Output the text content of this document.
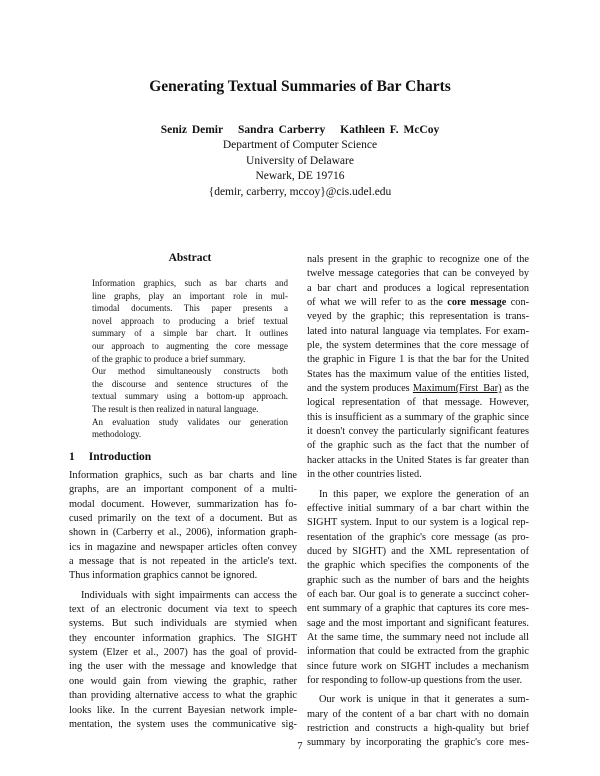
Generating Textual Summaries of Bar Charts
Seniz Demir Sandra Carberry Kathleen F. McCoy
Department of Computer Science
University of Delaware
Newark, DE 19716
{demir, carberry, mccoy}@cis.udel.edu
Abstract
Information graphics, such as bar charts and
line graphs, play an important role in mul-
timodal documents. This paper presents a
novel approach to producing a brief textual
summary of a simple bar chart. It outlines
our approach to augmenting the core message
of the graphic to produce a brief summary.
Our method simultaneously constructs both
the discourse and sentence structures of the
textual summary using a bottom-up approach.
The result is then realized in natural language.
An evaluation study validates our generation
methodology.
1 Introduction
Information graphics, such as bar charts and line
graphs, are an important component of a multi-
modal document. However, summarization has fo-
cused primarily on the text of a document. But as
shown in (Carberry et al., 2006), information graph-
ics in magazine and newspaper articles often convey
a message that is not repeated in the article's text.
Thus information graphics cannot be ignored.
Individuals with sight impairments can access the
text of an electronic document via text to speech
systems. But such individuals are stymied when
they encounter information graphics. The SIGHT
system (Elzer et al., 2007) has the goal of provid-
ing the user with the message and knowledge that
one would gain from viewing the graphic, rather
than providing alternative access to what the graphic
looks like. In the current Bayesian network imple-
mentation, the system uses the communicative sig-
nals present in the graphic to recognize one of the
twelve message categories that can be conveyed by
a bar chart and produces a logical representation
of what we will refer to as the core message con-
veyed by the graphic; this representation is trans-
lated into natural language via templates. For exam-
ple, the system determines that the core message of
the graphic in Figure 1 is that the bar for the United
States has the maximum value of the entities listed,
and the system produces Maximum(First_Bar) as the
logical representation of that message. However,
this is insufficient as a summary of the graphic since
it doesn't convey the particularly significant features
of the graphic such as the fact that the number of
hacker attacks in the United States is far greater than
in the other countries listed.
In this paper, we explore the generation of an
effective initial summary of a bar chart within the
SIGHT system. Input to our system is a logical rep-
resentation of the graphic's core message (as pro-
duced by SIGHT) and the XML representation of
the graphic which specifies the components of the
graphic such as the number of bars and the heights
of each bar. Our goal is to generate a succinct coher-
ent summary of a graphic that captures its core mes-
sage and the most important and significant features.
At the same time, the summary need not include all
information that could be extracted from the graphic
since future work on SIGHT includes a mechanism
for responding to follow-up questions from the user.
Our work is unique in that it generates a sum-
mary of the content of a bar chart with no domain
restriction and constructs a high-quality but brief
summary by incorporating the graphic's core mes-
7
